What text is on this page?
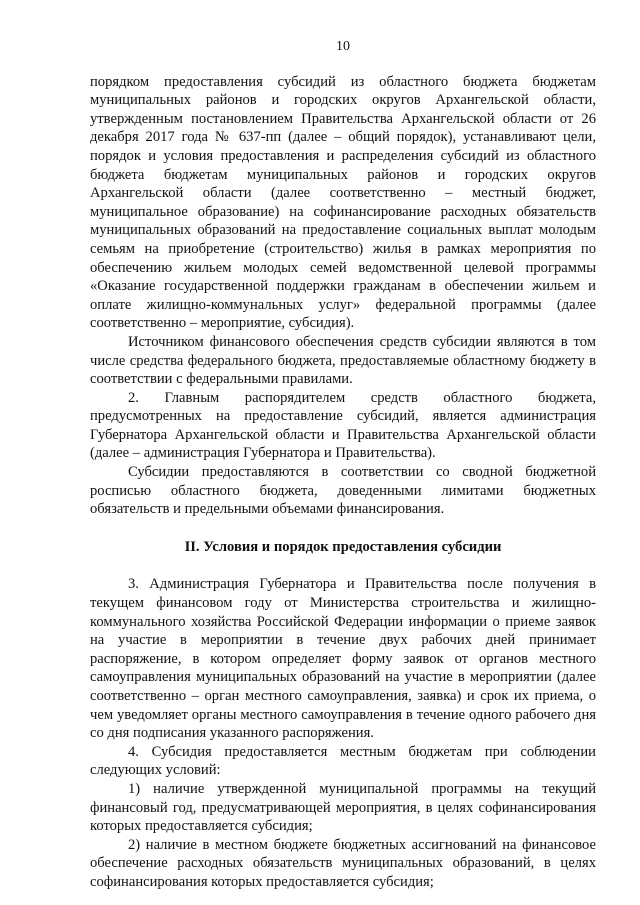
10

порядком предоставления субсидий из областного бюджета бюджетам муниципальных районов и городских округов Архангельской области, утвержденным постановлением Правительства Архангельской области от 26 декабря 2017 года № 637-пп (далее – общий порядок), устанавливают цели, порядок и условия предоставления и распределения субсидий из областного бюджета бюджетам муниципальных районов и городских округов Архангельской области (далее соответственно – местный бюджет, муниципальное образование) на софинансирование расходных обязательств муниципальных образований на предоставление социальных выплат молодым семьям на приобретение (строительство) жилья в рамках мероприятия по обеспечению жильем молодых семей ведомственной целевой программы «Оказание государственной поддержки гражданам в обеспечении жильем и оплате жилищно-коммунальных услуг» федеральной программы (далее соответственно – мероприятие, субсидия).

Источником финансового обеспечения средств субсидии являются в том числе средства федерального бюджета, предоставляемые областному бюджету в соответствии с федеральными правилами.

2. Главным распорядителем средств областного бюджета, предусмотренных на предоставление субсидий, является администрация Губернатора Архангельской области и Правительства Архангельской области (далее – администрация Губернатора и Правительства).

Субсидии предоставляются в соответствии со сводной бюджетной росписью областного бюджета, доведенными лимитами бюджетных обязательств и предельными объемами финансирования.

II. Условия и порядок предоставления субсидии

3. Администрация Губернатора и Правительства после получения в текущем финансовом году от Министерства строительства и жилищно-коммунального хозяйства Российской Федерации информации о приеме заявок на участие в мероприятии в течение двух рабочих дней принимает распоряжение, в котором определяет форму заявок от органов местного самоуправления муниципальных образований на участие в мероприятии (далее соответственно – орган местного самоуправления, заявка) и срок их приема, о чем уведомляет органы местного самоуправления в течение одного рабочего дня со дня подписания указанного распоряжения.

4. Субсидия предоставляется местным бюджетам при соблюдении следующих условий:

1) наличие утвержденной муниципальной программы на текущий финансовый год, предусматривающей мероприятия, в целях софинансирования которых предоставляется субсидия;

2) наличие в местном бюджете бюджетных ассигнований на финансовое обеспечение расходных обязательств муниципальных образований, в целях софинансирования которых предоставляется субсидия;
